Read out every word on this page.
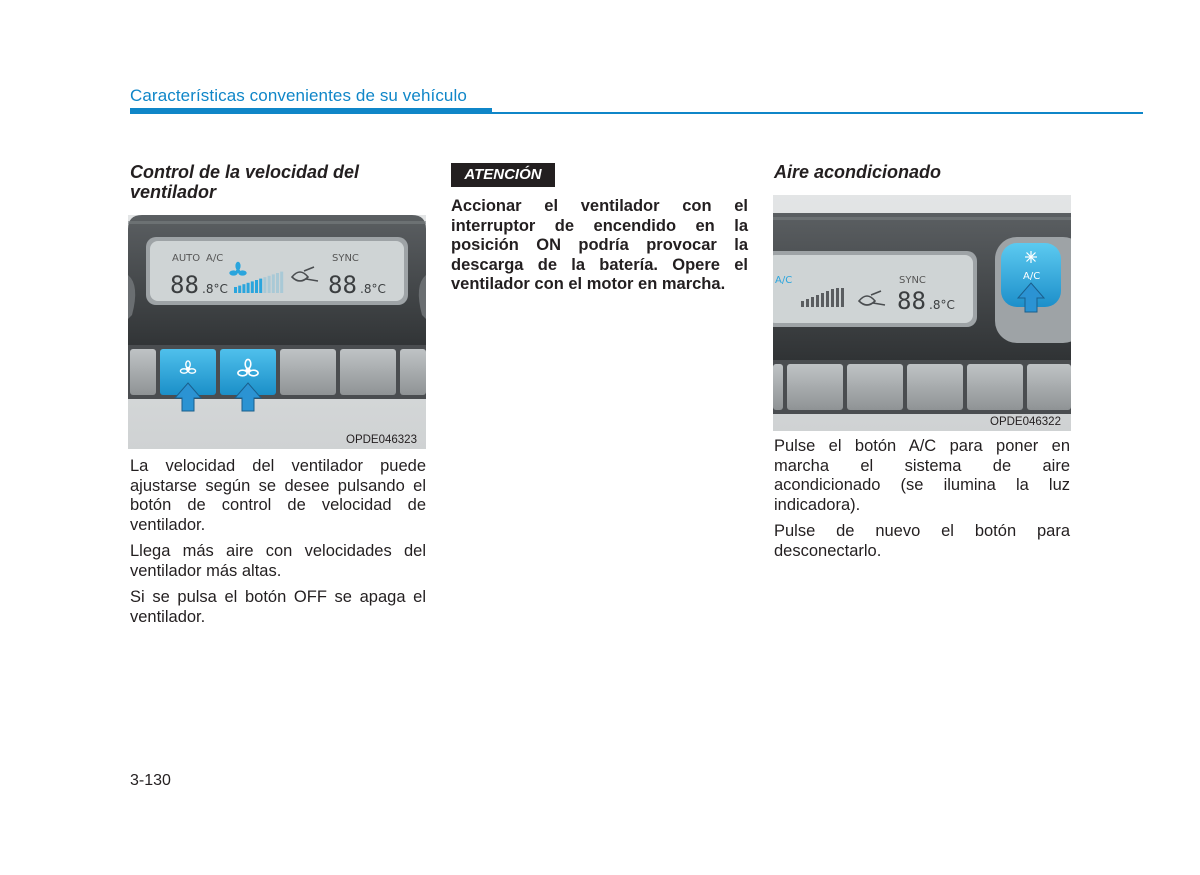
Características convenientes de su vehículo
Control de la velocidad del ventilador
AUTO A/C	SYNC
88 .8°C	88 .8°C
OPDE046323

La velocidad del ventilador puede ajustarse según se desee pulsando el botón de control de velocidad de ventilador.

Llega más aire con velocidades del ventilador más altas.

Si se pulsa el botón OFF se apaga el ventilador.

ATENCIÓN

Accionar el ventilador con el interruptor de encendido en la posición ON podría provocar la descarga de la batería. Opere el ventilador con el motor en marcha.

Aire acondicionado
A/C	SYNC
88 .8°C
A/C
OPDE046322

Pulse el botón A/C para poner en marcha el sistema de aire acondicionado (se ilumina la luz indicadora).

Pulse de nuevo el botón para desconectarlo.

3-130
